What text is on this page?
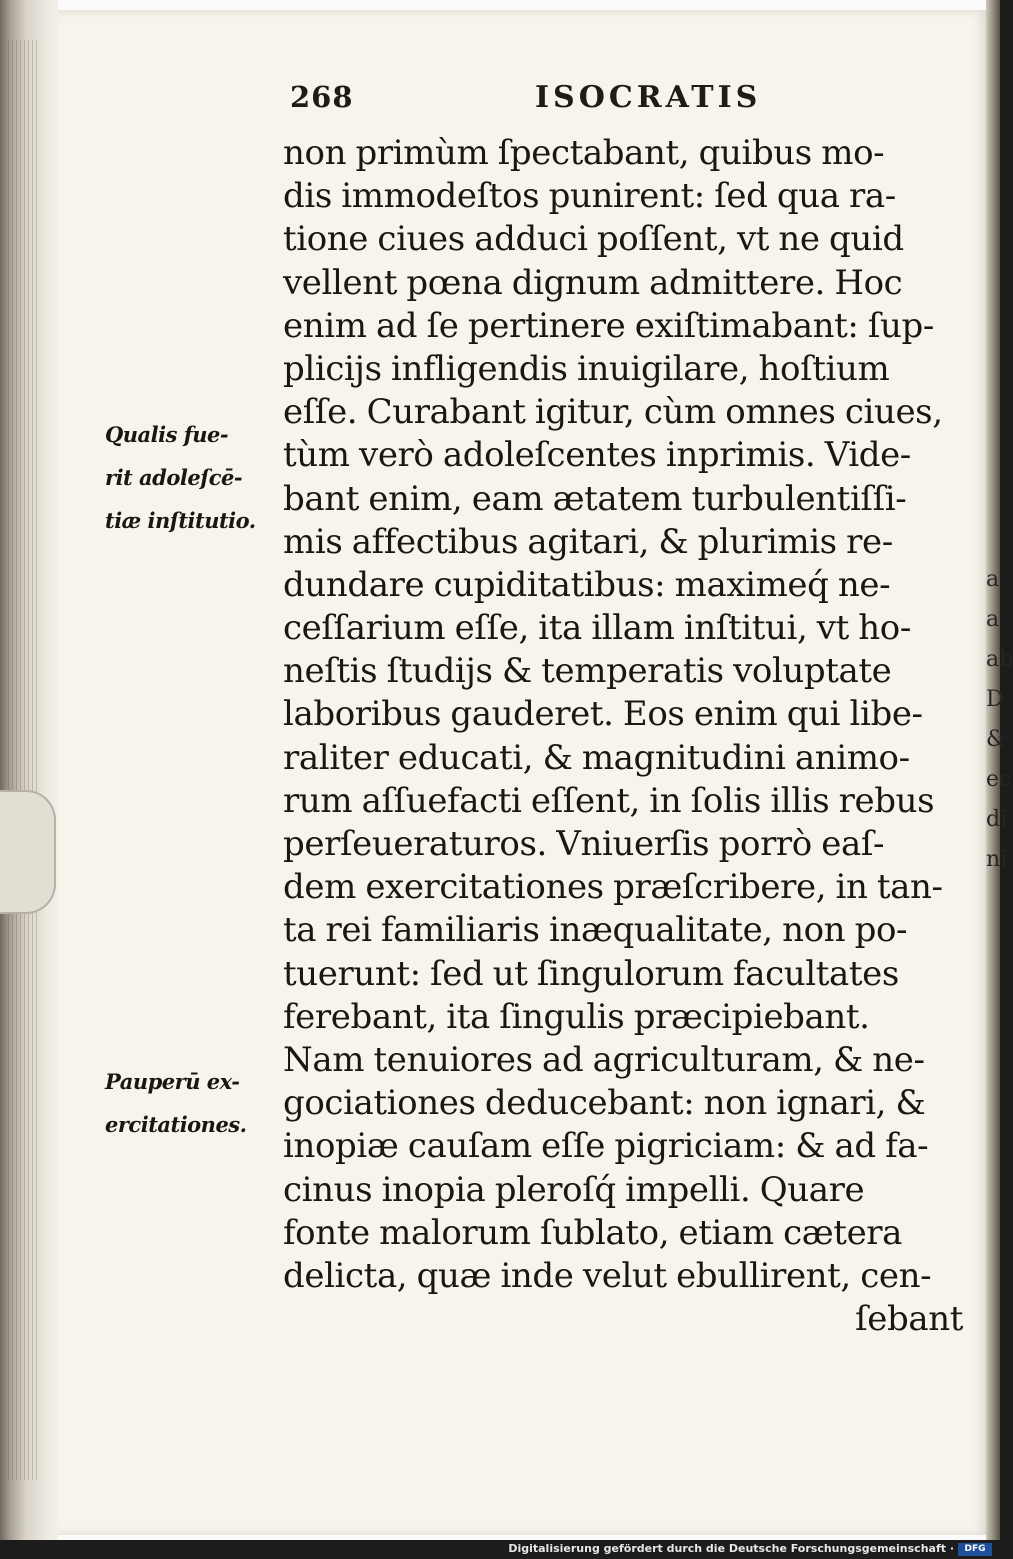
a
a
ab
D
&
ec
di
ni
268	ISOCRATIS
Qualis fue-
rit adoleſcē-
tiæ inſtitutio.
Pauperū ex-
ercitationes.
non primùm ſpectabant, quibus mo-
dis immodeſtos punirent: ſed qua ra-
tione ciues adduci poſſent, vt ne quid
vellent pœna dignum admittere. Hoc
enim ad ſe pertinere exiſtimabant: ſup-
plicijs infligendis inuigilare, hoſtium
eſſe. Curabant igitur, cùm omnes ciues,
tùm verò adoleſcentes inprimis. Vide-
bant enim, eam ætatem turbulentiſſi-
mis affectibus agitari, & plurimis re-
dundare cupiditatibus: maximeq́ ne-
ceſſarium eſſe, ita illam inſtitui, vt ho-
neſtis ſtudijs & temperatis voluptate
laboribus gauderet. Eos enim qui libe-
raliter educati, & magnitudini animo-
rum aſſuefacti eſſent, in ſolis illis rebus
perſeueraturos. Vniuerſis porrò eaſ-
dem exercitationes præſcribere, in tan-
ta rei familiaris inæqualitate, non po-
tuerunt: ſed ut ſingulorum facultates
ferebant, ita ſingulis præcipiebant.
Nam tenuiores ad agriculturam, & ne-
gociationes deducebant: non ignari, &
inopiæ cauſam eſſe pigriciam: & ad fa-
cinus inopia pleroſq́ impelli. Quare
fonte malorum ſublato, etiam cætera
delicta, quæ inde velut ebullirent, cen-
ſebant
Digitalisierung gefördert durch die Deutsche Forschungsgemeinschaft ·	DFG
